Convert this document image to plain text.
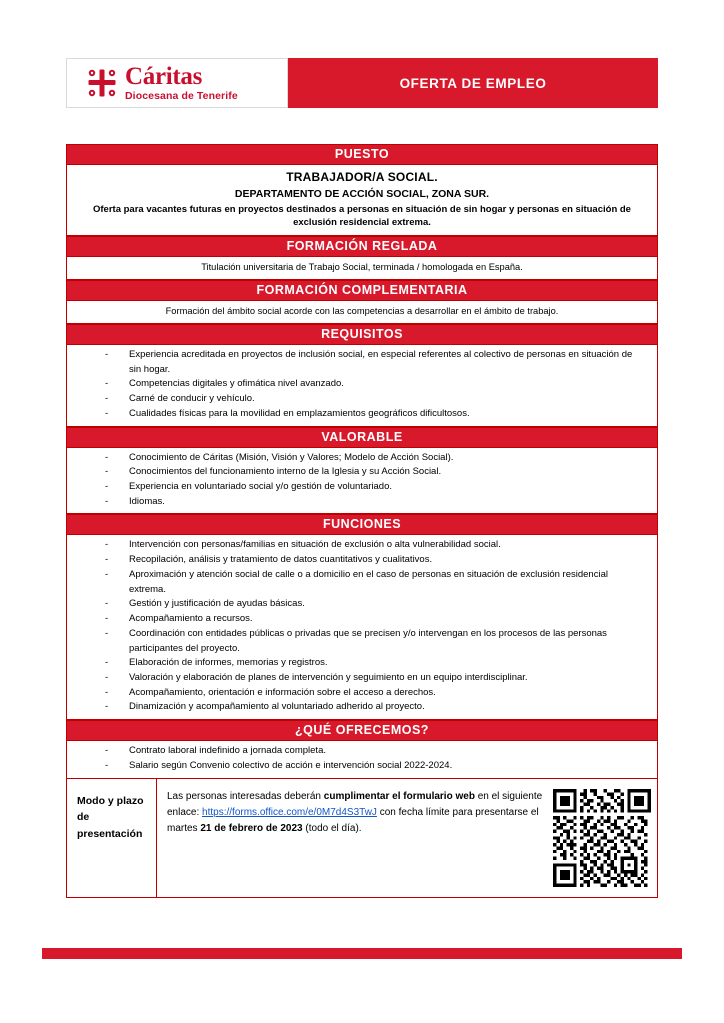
Cáritas
Diocesana de Tenerife
OFERTA DE EMPLEO
PUESTO
TRABAJADOR/A SOCIAL.
DEPARTAMENTO DE ACCIÓN SOCIAL, ZONA SUR.
Oferta para vacantes futuras en proyectos destinados a personas en situación de sin hogar y personas en situación de exclusión residencial extrema.
FORMACIÓN REGLADA
Titulación universitaria de Trabajo Social, terminada / homologada en España.
FORMACIÓN COMPLEMENTARIA
Formación del ámbito social acorde con las competencias a desarrollar en el ámbito de trabajo.
REQUISITOS
- Experiencia acreditada en proyectos de inclusión social, en especial referentes al colectivo de personas en situación de sin hogar.
- Competencias digitales y ofimática nivel avanzado.
- Carné de conducir y vehículo.
- Cualidades físicas para la movilidad en emplazamientos geográficos dificultosos.
VALORABLE
- Conocimiento de Cáritas (Misión, Visión y Valores; Modelo de Acción Social).
- Conocimientos del funcionamiento interno de la Iglesia y su Acción Social.
- Experiencia en voluntariado social y/o gestión de voluntariado.
- Idiomas.
FUNCIONES
- Intervención con personas/familias en situación de exclusión o alta vulnerabilidad social.
- Recopilación, análisis y tratamiento de datos cuantitativos y cualitativos.
- Aproximación y atención social de calle o a domicilio en el caso de personas en situación de exclusión residencial extrema.
- Gestión y justificación de ayudas básicas.
- Acompañamiento a recursos.
- Coordinación con entidades públicas o privadas que se precisen y/o intervengan en los procesos de las personas participantes del proyecto.
- Elaboración de informes, memorias y registros.
- Valoración y elaboración de planes de intervención y seguimiento en un equipo interdisciplinar.
- Acompañamiento, orientación e información sobre el acceso a derechos.
- Dinamización y acompañamiento al voluntariado adherido al proyecto.
¿QUÉ OFRECEMOS?
- Contrato laboral indefinido a jornada completa.
- Salario según Convenio colectivo de acción e intervención social 2022-2024.
Modo y plazo de presentación
Las personas interesadas deberán cumplimentar el formulario web en el siguiente enlace: https://forms.office.com/e/0M7d4S3TwJ con fecha límite para presentarse el martes 21 de febrero de 2023 (todo el día).
